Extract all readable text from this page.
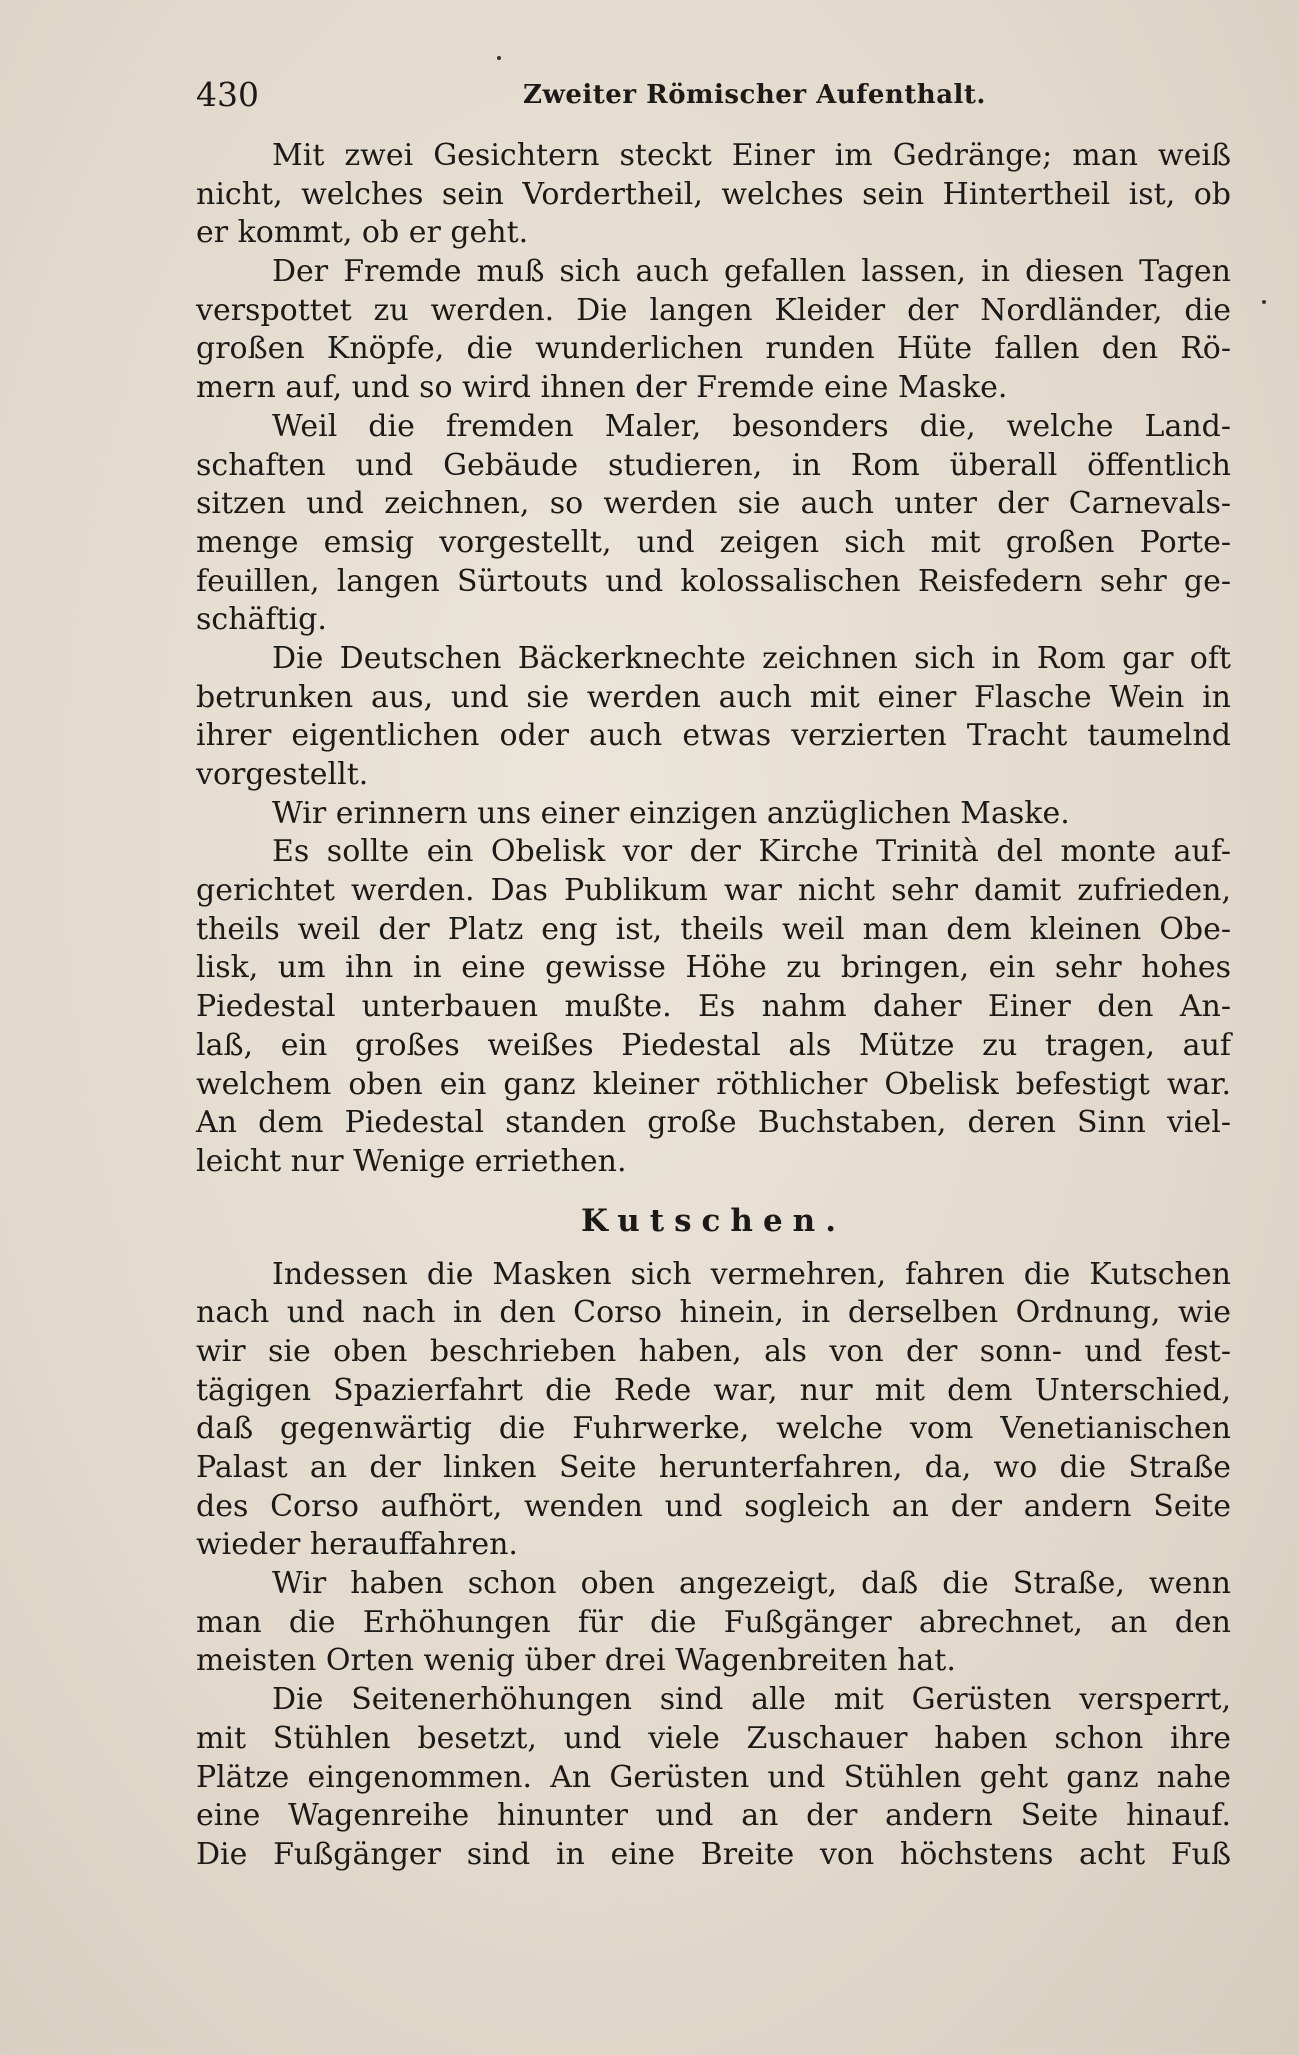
430	Zweiter Römischer Aufenthalt.
Mit zwei Gesichtern steckt Einer im Gedränge; man weiß
nicht, welches sein Vordertheil, welches sein Hintertheil ist, ob
er kommt, ob er geht.
Der Fremde muß sich auch gefallen lassen, in diesen Tagen
verspottet zu werden. Die langen Kleider der Nordländer, die
großen Knöpfe, die wunderlichen runden Hüte fallen den Rö-
mern auf, und so wird ihnen der Fremde eine Maske.
Weil die fremden Maler, besonders die, welche Land-
schaften und Gebäude studieren, in Rom überall öffentlich
sitzen und zeichnen, so werden sie auch unter der Carnevals-
menge emsig vorgestellt, und zeigen sich mit großen Porte-
feuillen, langen Sürtouts und kolossalischen Reisfedern sehr ge-
schäftig.
Die Deutschen Bäckerknechte zeichnen sich in Rom gar oft
betrunken aus, und sie werden auch mit einer Flasche Wein in
ihrer eigentlichen oder auch etwas verzierten Tracht taumelnd
vorgestellt.
Wir erinnern uns einer einzigen anzüglichen Maske.
Es sollte ein Obelisk vor der Kirche Trinità del monte auf-
gerichtet werden. Das Publikum war nicht sehr damit zufrieden,
theils weil der Platz eng ist, theils weil man dem kleinen Obe-
lisk, um ihn in eine gewisse Höhe zu bringen, ein sehr hohes
Piedestal unterbauen mußte. Es nahm daher Einer den An-
laß, ein großes weißes Piedestal als Mütze zu tragen, auf
welchem oben ein ganz kleiner röthlicher Obelisk befestigt war.
An dem Piedestal standen große Buchstaben, deren Sinn viel-
leicht nur Wenige erriethen.
Kutschen.
Indessen die Masken sich vermehren, fahren die Kutschen
nach und nach in den Corso hinein, in derselben Ordnung, wie
wir sie oben beschrieben haben, als von der sonn- und fest-
tägigen Spazierfahrt die Rede war, nur mit dem Unterschied,
daß gegenwärtig die Fuhrwerke, welche vom Venetianischen
Palast an der linken Seite herunterfahren, da, wo die Straße
des Corso aufhört, wenden und sogleich an der andern Seite
wieder herauffahren.
Wir haben schon oben angezeigt, daß die Straße, wenn
man die Erhöhungen für die Fußgänger abrechnet, an den
meisten Orten wenig über drei Wagenbreiten hat.
Die Seitenerhöhungen sind alle mit Gerüsten versperrt,
mit Stühlen besetzt, und viele Zuschauer haben schon ihre
Plätze eingenommen. An Gerüsten und Stühlen geht ganz nahe
eine Wagenreihe hinunter und an der andern Seite hinauf.
Die Fußgänger sind in eine Breite von höchstens acht Fuß
